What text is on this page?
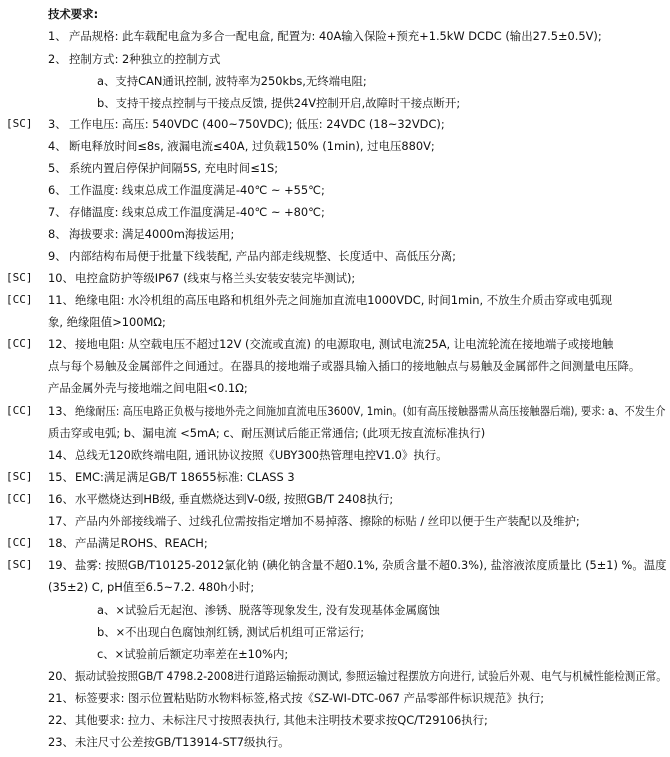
技术要求:
1、 产品规格: 此车载配电盒为多合一配电盒, 配置为: 40A输入保险+预充+1.5kW DCDC (输出27.5±0.5V);
2、 控制方式: 2种独立的控制方式
a、支持CAN通讯控制, 波特率为250kbs,无终端电阻;
b、支持干接点控制与干接点反馈, 提供24V控制开启,故障时干接点断开;
[SC]	3、 工作电压: 高压: 540VDC (400~750VDC); 低压: 24VDC (18~32VDC);
4、 断电释放时间≤8s, 液漏电流≤40A, 过负载150% (1min), 过电压880V;
5、 系统内置启停保护间隔5S, 充电时间≤1S;
6、 工作温度: 线束总成工作温度满足-40℃ ~ +55℃;
7、 存储温度: 线束总成工作温度满足-40℃ ~ +80℃;
8、 海拔要求: 满足4000m海拔运用;
9、 内部结构布局便于批量下线装配, 产品内部走线规整、长度适中、高低压分离;
[SC]	10、 电控盒防护等级IP67 (线束与格兰头安装安装完毕测试);
[CC]	11、 绝缘电阻: 水冷机组的高压电路和机组外壳之间施加直流电1000VDC, 时间1min, 不放生介质击穿或电弧现
象, 绝缘阻值>100MΩ;
[CC]	12、 接地电阻: 从空载电压不超过12V (交流或直流) 的电源取电, 测试电流25A, 让电流轮流在接地端子或接地触
点与每个易触及金属部件之间通过。在器具的接地端子或器具输入插口的接地触点与易触及金属部件之间测量电压降。
产品金属外壳与接地端之间电阻<0.1Ω;
[CC]	13、 绝缘耐压: 高压电路正负极与接地外壳之间施加直流电压3600V, 1min。(如有高压接触器需从高压接触器后端), 要求: a、不发生介
质击穿或电弧; b、漏电流 <5mA; c、耐压测试后能正常通信; (此项无按直流标准执行)
14、 总线无120欧终端电阻, 通讯协议按照《UBY300热管理电控V1.0》执行。
[SC]	15、 EMC:满足满足GB/T 18655标准: CLASS 3
[CC]	16、 水平燃烧达到HB级, 垂直燃烧达到V-0级, 按照GB/T 2408执行;
17、 产品内外部接线端子、过线孔位需按指定增加不易掉落、擦除的标贴 / 丝印以便于生产装配以及维护;
[CC]	18、 产品满足ROHS、REACH;
[SC]	19、 盐雾: 按照GB/T10125-2012氯化钠 (碘化钠含量不超0.1%, 杂质含量不超0.3%), 盐溶液浓度质量比 (5±1) %。温度
(35±2) C, pH值至6.5~7.2. 480h小时;
a、×试验后无起泡、渗锈、脱落等现象发生, 没有发现基体金属腐蚀
b、×不出现白色腐蚀剂红锈, 测试后机组可正常运行;
c、×试验前后额定功率差在±10%内;
20、 振动试验按照GB/T 4798.2-2008进行道路运输振动测试, 参照运输过程摆放方向进行, 试验后外观、电气与机械性能检测正常。
21、 标签要求: 图示位置粘贴防水物料标签,格式按《SZ-WI-DTC-067 产品零部件标识规范》执行;
22、 其他要求: 拉力、未标注尺寸按照表执行, 其他未注明技术要求按QC/T29106执行;
23、 未注尺寸公差按GB/T13914-ST7级执行。
